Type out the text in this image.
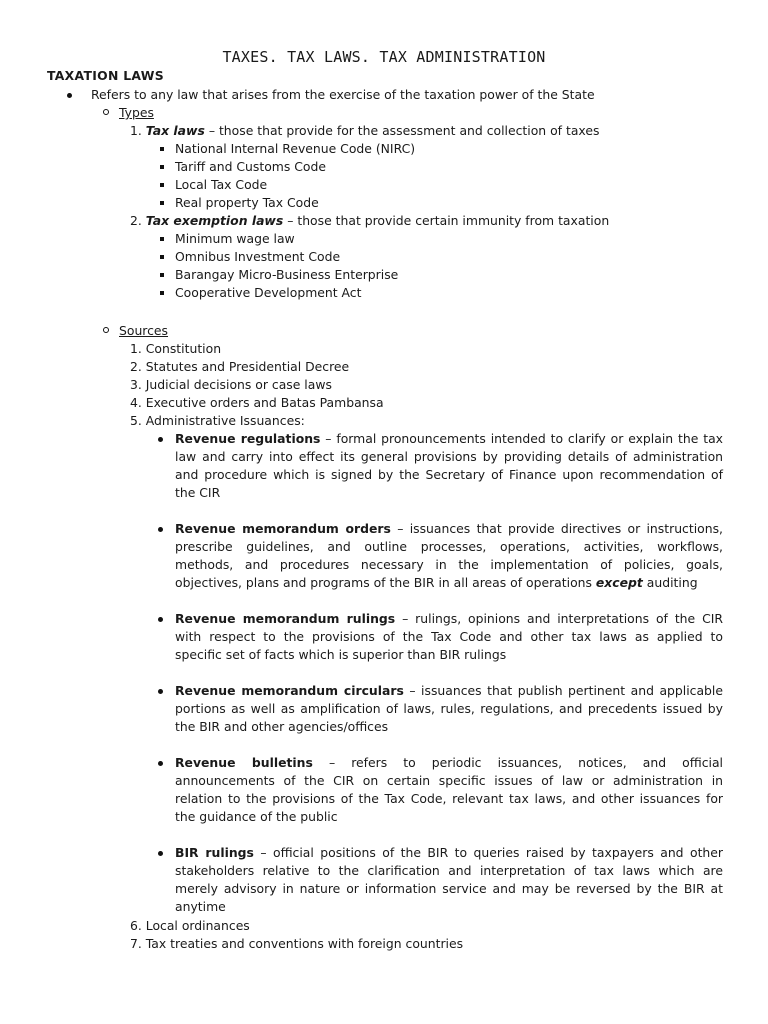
TAXES. TAX LAWS. TAX ADMINISTRATION
TAXATION LAWS
Refers to any law that arises from the exercise of the taxation power of the State
Types
1. Tax laws – those that provide for the assessment and collection of taxes
National Internal Revenue Code (NIRC)
Tariff and Customs Code
Local Tax Code
Real property Tax Code
2. Tax exemption laws – those that provide certain immunity from taxation
Minimum wage law
Omnibus Investment Code
Barangay Micro-Business Enterprise
Cooperative Development Act
Sources
1. Constitution
2. Statutes and Presidential Decree
3. Judicial decisions or case laws
4. Executive orders and Batas Pambansa
5. Administrative Issuances:
Revenue regulations – formal pronouncements intended to clarify or explain the tax
law and carry into effect its general provisions by providing details of administration
and procedure which is signed by the Secretary of Finance upon recommendation of
the CIR
Revenue memorandum orders – issuances that provide directives or instructions,
prescribe guidelines, and outline processes, operations, activities, workflows,
methods, and procedures necessary in the implementation of policies, goals,
objectives, plans and programs of the BIR in all areas of operations except auditing
Revenue memorandum rulings – rulings, opinions and interpretations of the CIR
with respect to the provisions of the Tax Code and other tax laws as applied to
specific set of facts which is superior than BIR rulings
Revenue memorandum circulars – issuances that publish pertinent and applicable
portions as well as amplification of laws, rules, regulations, and precedents issued by
the BIR and other agencies/offices
Revenue bulletins – refers to periodic issuances, notices, and official
announcements of the CIR on certain specific issues of law or administration in
relation to the provisions of the Tax Code, relevant tax laws, and other issuances for
the guidance of the public
BIR rulings – official positions of the BIR to queries raised by taxpayers and other
stakeholders relative to the clarification and interpretation of tax laws which are
merely advisory in nature or information service and may be reversed by the BIR at
anytime
6. Local ordinances
7. Tax treaties and conventions with foreign countries
